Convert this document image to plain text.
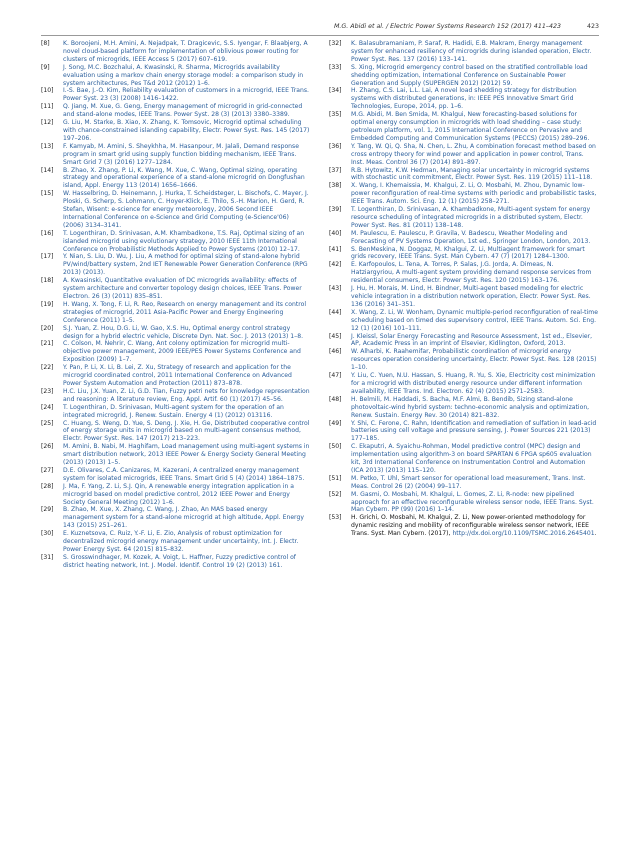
M.G. Abidi et al. / Electric Power Systems Research 152 (2017) 411–423	423
[8] K. Boroojeni, M.H. Amini, A. Nejadpak, T. Dragicevic, S.S. Iyengar, F. Blaabjerg, A novel cloud-based platform for implementation of oblivious power routing for clusters of microgrids, IEEE Access 5 (2017) 607–619.
[9] J. Song, M.C. Bozchalui, A. Kwasinski, R. Sharma, Microgrids availability evaluation using a markov chain energy storage model: a comparison study in system architectures, Pes T&d 2012 (2012) 1–6.
[10] I.-S. Bae, J.-O. Kim, Reliability evaluation of customers in a microgrid, IEEE Trans. Power Syst. 23 (3) (2008) 1416–1422.
[11] Q. Jiang, M. Xue, G. Geng, Energy management of microgrid in grid-connected and stand-alone modes, IEEE Trans. Power Syst. 28 (3) (2013) 3380–3389.
[12] G. Liu, M. Starke, B. Xiao, X. Zhang, K. Tomsovic, Microgrid optimal scheduling with chance-constrained islanding capability, Electr. Power Syst. Res. 145 (2017) 197–206.
[13] F. Kamyab, M. Amini, S. Sheykhha, M. Hasanpour, M. Jalali, Demand response program in smart grid using supply function bidding mechanism, IEEE Trans. Smart Grid 7 (3) (2016) 1277–1284.
[14] B. Zhao, X. Zhang, P. Li, K. Wang, M. Xue, C. Wang, Optimal sizing, operating strategy and operational experience of a stand-alone microgrid on Dongfushan island, Appl. Energy 113 (2014) 1656–1666.
[15] W. Hasselbring, D. Heinemann, J. Hurka, T. Scheidsteger, L. Bischofs, C. Mayer, J. Ploski, G. Scherp, S. Lohmann, C. Hoyer-Klick, E. Thilo, S.-H. Marion, H. Gerd, R. Stefan, Wisent: e-science for energy meteorology, 2006 Second IEEE International Conference on e-Science and Grid Computing (e-Science'06) (2006) 3134–3141.
[16] T. Logenthiran, D. Srinivasan, A.M. Khambadkone, T.S. Raj, Optimal sizing of an islanded microgrid using evolutionary strategy, 2010 IEEE 11th International Conference on Probabilistic Methods Applied to Power Systems (2010) 12–17.
[17] Y. Nian, S. Liu, D. Wu, J. Liu, A method for optimal sizing of stand-alone hybrid PV/wind/battery system, 2nd IET Renewable Power Generation Conference (RPG 2013) (2013).
[18] A. Kwasinski, Quantitative evaluation of DC microgrids availability: effects of system architecture and converter topology design choices, IEEE Trans. Power Electron. 26 (3) (2011) 835–851.
[19] H. Wang, X. Tong, F. Li, R. Reo, Research on energy management and its control strategies of microgrid, 2011 Asia-Pacific Power and Energy Engineering Conference (2011) 1–5.
[20] S.J. Yuan, Z. Hou, D.G. Li, W. Gao, X.S. Hu, Optimal energy control strategy design for a hybrid electric vehicle, Discrete Dyn. Nat. Soc. J. 2013 (2013) 1–8.
[21] C. Colson, M. Nehrir, C. Wang, Ant colony optimization for microgrid multi-objective power management, 2009 IEEE/PES Power Systems Conference and Exposition (2009) 1–7.
[22] Y. Pan, P. Li, X. Li, B. Lei, Z. Xu, Strategy of research and application for the microgrid coordinated control, 2011 International Conference on Advanced Power System Automation and Protection (2011) 873–878.
[23] H.C. Liu, J.X. Yuan, Z. Li, G.D. Tian, Fuzzy petri nets for knowledge representation and reasoning: A literature review, Eng. Appl. Artif. 60 (1) (2017) 45–56.
[24] T. Logenthiran, D. Srinivasan, Multi-agent system for the operation of an integrated microgrid, J. Renew. Sustain. Energy 4 (1) (2012) 013116.
[25] C. Huang, S. Weng, D. Yue, S. Deng, J. Xie, H. Ge, Distributed cooperative control of energy storage units in microgrid based on multi-agent consensus method, Electr. Power Syst. Res. 147 (2017) 213–223.
[26] M. Amini, B. Nabi, M. Haghifam, Load management using multi-agent systems in smart distribution network, 2013 IEEE Power & Energy Society General Meeting (2013) (2013) 1–5.
[27] D.E. Olivares, C.A. Canizares, M. Kazerani, A centralized energy management system for isolated microgrids, IEEE Trans. Smart Grid 5 (4) (2014) 1864–1875.
[28] J. Ma, F. Yang, Z. Li, S.J. Qin, A renewable energy integration application in a microgrid based on model predictive control, 2012 IEEE Power and Energy Society General Meeting (2012) 1–6.
[29] B. Zhao, M. Xue, X. Zhang, C. Wang, J. Zhao, An MAS based energy management system for a stand-alone microgrid at high altitude, Appl. Energy 143 (2015) 251–261.
[30] E. Kuznetsova, C. Ruiz, Y.-F. Li, E. Zio, Analysis of robust optimization for decentralized microgrid energy management under uncertainty, Int. J. Electr. Power Energy Syst. 64 (2015) 815–832.
[31] S. Grosswindhager, M. Kozek, A. Voigt, L. Haffner, Fuzzy predictive control of district heating network, Int. J. Model. Identif. Control 19 (2) (2013) 161.
[32] K. Balasubramaniam, P. Saraf, R. Hadidi, E.B. Makram, Energy management system for enhanced resiliency of microgrids during islanded operation, Electr. Power Syst. Res. 137 (2016) 133–141.
[33] S. Xing, Microgrid emergency control based on the stratified controllable load shedding optimization, International Conference on Sustainable Power Generation and Supply (SUPERGEN 2012) (2012) 59.
[34] H. Zhang, C.S. Lai, L.L. Lai, A novel load shedding strategy for distribution systems with distributed generations, in: IEEE PES Innovative Smart Grid Technologies, Europe, 2014, pp. 1–6.
[35] M.G. Abidi, M. Ben Smida, M. Khalgui, New forecasting-based solutions for optimal energy consumption in microgrids with load shedding – case study: petroleum platform, vol. 1, 2015 International Conference on Pervasive and Embedded Computing and Communication Systems (PECCS) (2015) 289–296.
[36] Y. Tang, W. Qi, Q. Sha, N. Chen, L. Zhu, A combination forecast method based on cross entropy theory for wind power and application in power control, Trans. Inst. Meas. Control 36 (7) (2014) 891–897.
[37] R.B. Hytowitz, K.W. Hedman, Managing solar uncertainty in microgrid systems with stochastic unit commitment, Electr. Power Syst. Res. 119 (2015) 111–118.
[38] X. Wang, I. Khemaissia, M. Khalgui, Z. Li, O. Mosbahi, M. Zhou, Dynamic low-power reconfiguration of real-time systems with periodic and probabilistic tasks, IEEE Trans. Autom. Sci. Eng. 12 (1) (2015) 258–271.
[39] T. Logenthiran, D. Srinivasan, A. Khambadkone, Multi-agent system for energy resource scheduling of integrated microgrids in a distributed system, Electr. Power Syst. Res. 81 (2011) 138–148.
[40] M. Paulescu, E. Paulescu, P. Gravila, V. Badescu, Weather Modeling and Forecasting of PV Systems Operation, 1st ed., Springer London, London, 2013.
[41] S. BenMeskina, N. Doggaz, M. Khalgui, Z. Li, Multiagent framework for smart grids recovery, IEEE Trans. Syst. Man Cybern. 47 (7) (2017) 1284–1300.
[42] E. Karfopoulos, L. Tena, A. Torres, P. Salas, J.G. Jorda, A. Dimeas, N. Hatziargyriou, A multi-agent system providing demand response services from residential consumers, Electr. Power Syst. Res. 120 (2015) 163–176.
[43] J. Hu, H. Morais, M. Lind, H. Bindner, Multi-agent based modeling for electric vehicle integration in a distribution network operation, Electr. Power Syst. Res. 136 (2016) 341–351.
[44] X. Wang, Z. Li, W. Wonham, Dynamic multiple-period reconfiguration of real-time scheduling based on timed des supervisory control, IEEE Trans. Autom. Sci. Eng. 12 (1) (2016) 101–111.
[45] J. Kleissl, Solar Energy Forecasting and Resource Assessment, 1st ed., Elsevier, AP, Academic Press in an imprint of Elsevier, Kidlington, Oxford, 2013.
[46] W. Alharbi, K. Raahemifar, Probabilistic coordination of microgrid energy resources operation considering uncertainty, Electr. Power Syst. Res. 128 (2015) 1–10.
[47] Y. Liu, C. Yuen, N.U. Hassan, S. Huang, R. Yu, S. Xie, Electricity cost minimization for a microgrid with distributed energy resource under different information availability, IEEE Trans. Ind. Electron. 62 (4) (2015) 2571–2583.
[48] H. Belmili, M. Haddadi, S. Bacha, M.F. Almi, B. Bendib, Sizing stand-alone photovoltaic-wind hybrid system: techno-economic analysis and optimization, Renew. Sustain. Energy Rev. 30 (2014) 821–832.
[49] Y. Shi, C. Ferone, C. Rahn, Identification and remediation of sulfation in lead-acid batteries using cell voltage and pressure sensing, J. Power Sources 221 (2013) 177–185.
[50] C. Ekaputri, A. Syaichu-Rohman, Model predictive control (MPC) design and implementation using algorithm-3 on board SPARTAN 6 FPGA sp605 evaluation kit, 3rd International Conference on Instrumentation Control and Automation (ICA 2013) (2013) 115–120.
[51] M. Petko, T. Uhl, Smart sensor for operational load measurement, Trans. Inst. Meas. Control 26 (2) (2004) 99–117.
[52] M. Gasmi, O. Mosbahi, M. Khalgui, L. Gomes, Z. Li, R-node: new pipelined approach for an effective reconfigurable wireless sensor node, IEEE Trans. Syst. Man Cybern. PP (99) (2016) 1–14.
[53] H. Grichi, O. Mosbahi, M. Khalgui, Z. Li, New power-oriented methodology for dynamic resizing and mobility of reconfigurable wireless sensor network, IEEE Trans. Syst. Man Cybern. (2017), http://dx.doi.org/10.1109/TSMC.2016.2645401.
